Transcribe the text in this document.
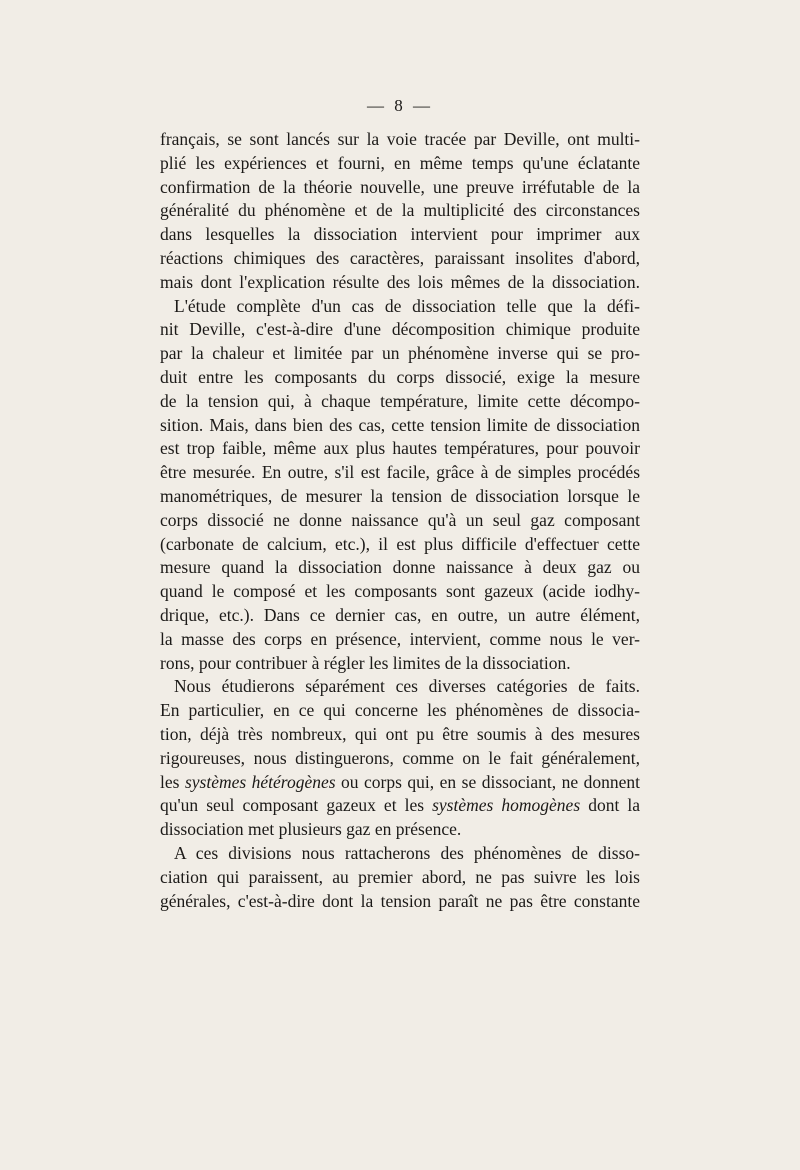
— 8 —
français, se sont lancés sur la voie tracée par Deville, ont multi-
plié les expériences et fourni, en même temps qu'une éclatante
confirmation de la théorie nouvelle, une preuve irréfutable de la
généralité du phénomène et de la multiplicité des circonstances
dans lesquelles la dissociation intervient pour imprimer aux
réactions chimiques des caractères, paraissant insolites d'abord,
mais dont l'explication résulte des lois mêmes de la dissociation.
L'étude complète d'un cas de dissociation telle que la défi-
nit Deville, c'est-à-dire d'une décomposition chimique produite
par la chaleur et limitée par un phénomène inverse qui se pro-
duit entre les composants du corps dissocié, exige la mesure
de la tension qui, à chaque température, limite cette décompo-
sition. Mais, dans bien des cas, cette tension limite de dissociation
est trop faible, même aux plus hautes températures, pour pouvoir
être mesurée. En outre, s'il est facile, grâce à de simples procédés
manométriques, de mesurer la tension de dissociation lorsque le
corps dissocié ne donne naissance qu'à un seul gaz composant
(carbonate de calcium, etc.), il est plus difficile d'effectuer cette
mesure quand la dissociation donne naissance à deux gaz ou
quand le composé et les composants sont gazeux (acide iodhy-
drique, etc.). Dans ce dernier cas, en outre, un autre élément,
la masse des corps en présence, intervient, comme nous le ver-
rons, pour contribuer à régler les limites de la dissociation.
Nous étudierons séparément ces diverses catégories de faits.
En particulier, en ce qui concerne les phénomènes de dissocia-
tion, déjà très nombreux, qui ont pu être soumis à des mesures
rigoureuses, nous distinguerons, comme on le fait généralement,
les systèmes hétérogènes ou corps qui, en se dissociant, ne donnent
qu'un seul composant gazeux et les systèmes homogènes dont la
dissociation met plusieurs gaz en présence.
A ces divisions nous rattacherons des phénomènes de disso-
ciation qui paraissent, au premier abord, ne pas suivre les lois
générales, c'est-à-dire dont la tension paraît ne pas être constante
